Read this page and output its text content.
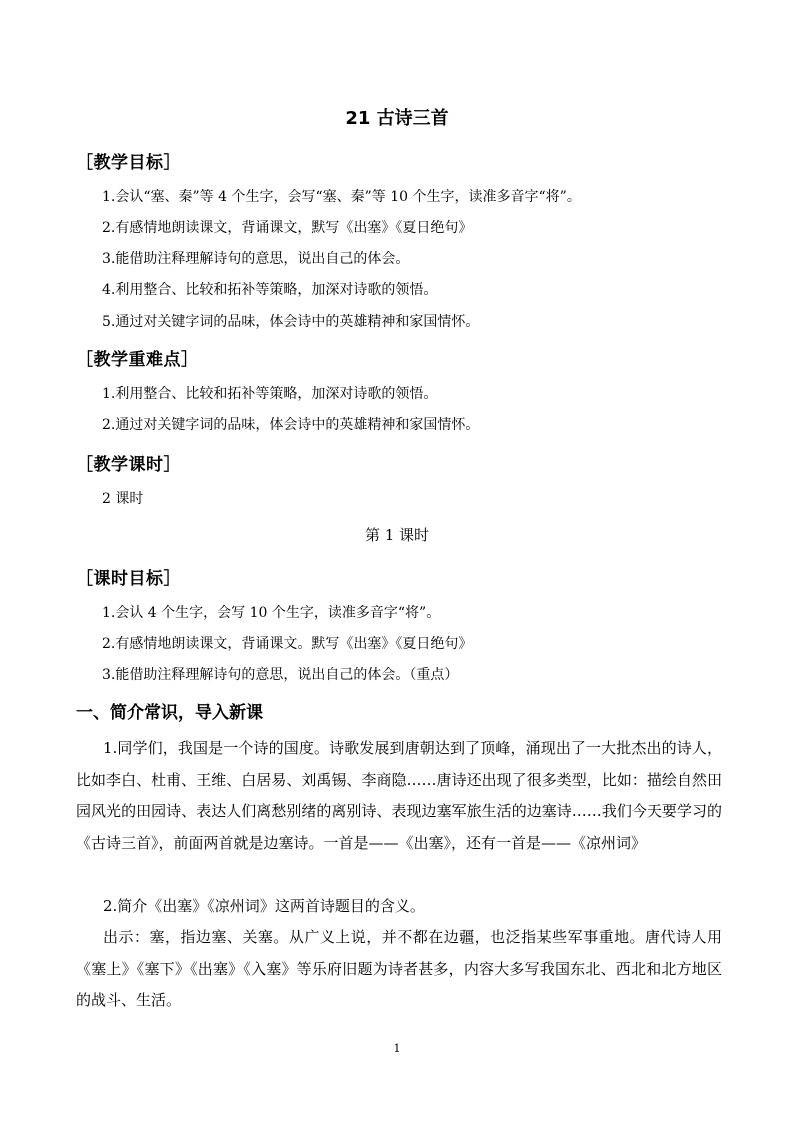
21 古诗三首
［教学目标］
1.会认“塞、秦”等 4 个生字，会写“塞、秦”等 10 个生字，读准多音字“将”。
2.有感情地朗读课文，背诵课文，默写《出塞》《夏日绝句》
3.能借助注释理解诗句的意思，说出自己的体会。
4.利用整合、比较和拓补等策略，加深对诗歌的领悟。
5.通过对关键字词的品味，体会诗中的英雄精神和家国情怀。
［教学重难点］
1.利用整合、比较和拓补等策略，加深对诗歌的领悟。
2.通过对关键字词的品味，体会诗中的英雄精神和家国情怀。
［教学课时］
2 课时
第 1 课时
［课时目标］
1.会认 4 个生字，会写 10 个生字，读准多音字“将”。
2.有感情地朗读课文，背诵课文。默写《出塞》《夏日绝句》
3.能借助注释理解诗句的意思，说出自己的体会。（重点）
一、简介常识，导入新课
1.同学们，我国是一个诗的国度。诗歌发展到唐朝达到了顶峰，涌现出了一大批杰出的诗人，比如李白、杜甫、王维、白居易、刘禹锡、李商隐……唐诗还出现了很多类型，比如：描绘自然田园风光的田园诗、表达人们离愁别绪的离别诗、表现边塞军旅生活的边塞诗……我们今天要学习的《古诗三首》，前面两首就是边塞诗。一首是——《出塞》，还有一首是——《凉州词》
2.简介《出塞》《凉州词》这两首诗题目的含义。
出示：塞，指边塞、关塞。从广义上说，并不都在边疆，也泛指某些军事重地。唐代诗人用《塞上》《塞下》《出塞》《入塞》等乐府旧题为诗者甚多，内容大多写我国东北、西北和北方地区的战斗、生活。
1
